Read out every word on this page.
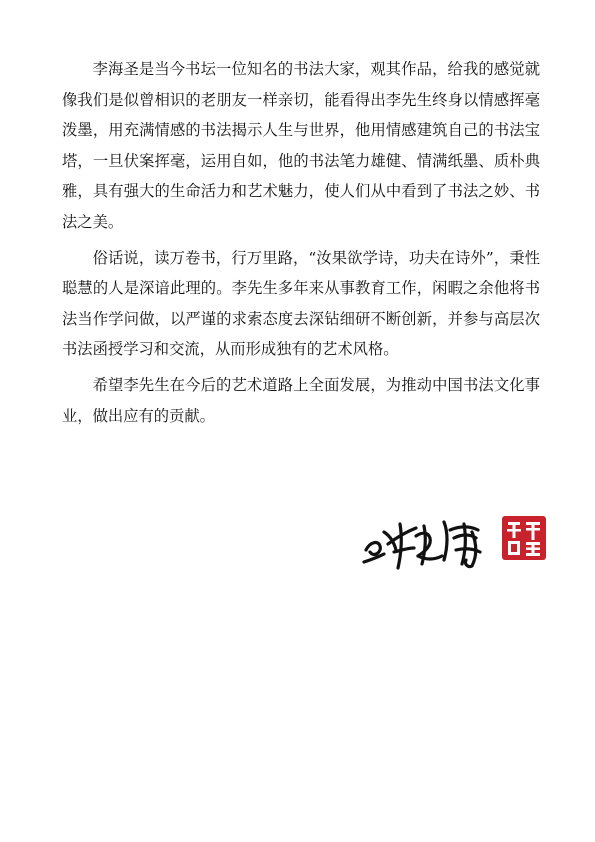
李海圣是当今书坛一位知名的书法大家，观其作品，给我的感觉就像我们是似曾相识的老朋友一样亲切，能看得出李先生终身以情感挥毫泼墨，用充满情感的书法揭示人生与世界，他用情感建筑自己的书法宝塔，一旦伏案挥毫，运用自如，他的书法笔力雄健、情满纸墨、质朴典雅，具有强大的生命活力和艺术魅力，使人们从中看到了书法之妙、书法之美。

俗话说，读万卷书，行万里路，“汝果欲学诗，功夫在诗外”，秉性聪慧的人是深谙此理的。李先生多年来从事教育工作，闲暇之余他将书法当作学问做，以严谨的求索态度去深钻细研不断创新，并参与高层次书法函授学习和交流，从而形成独有的艺术风格。

希望李先生在今后的艺术道路上全面发展，为推动中国书法文化事业，做出应有的贡献。
